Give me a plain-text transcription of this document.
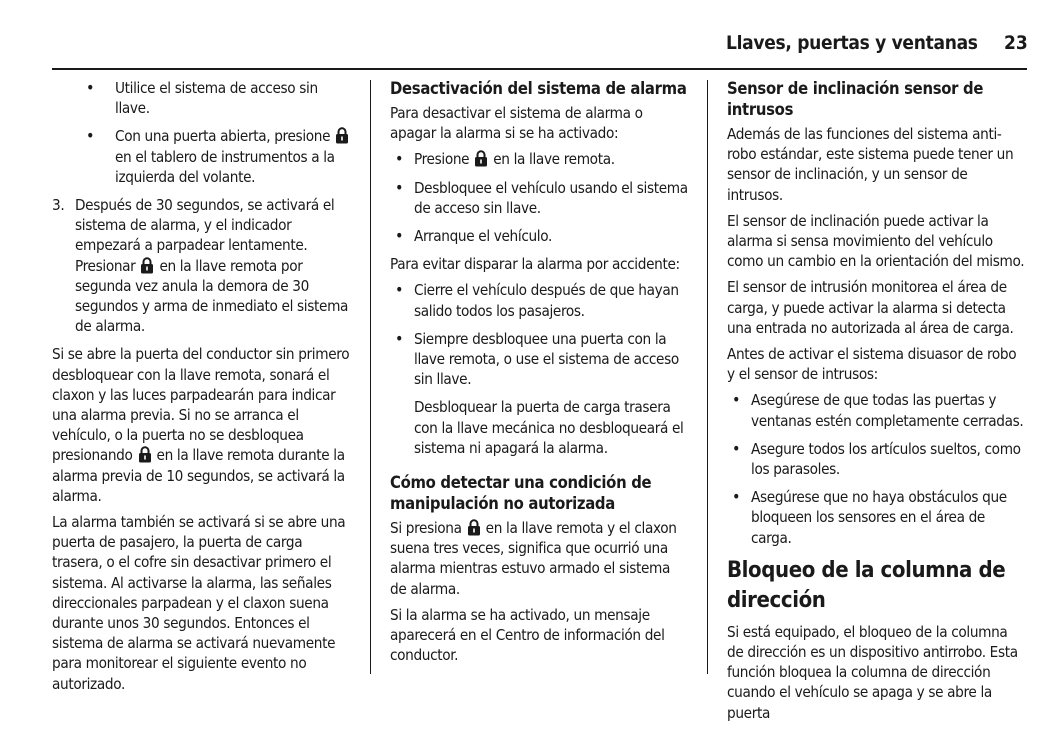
Llaves, puertas y ventanas 23
• Utilice el sistema de acceso sin llave.
• Con una puerta abierta, presione
en el tablero de instrumentos a la izquierda del volante.
3. Después de 30 segundos, se activará el sistema de alarma, y el indicador empezará a parpadear lentamente. Presionar en la llave remota por segunda vez anula la demora de 30 segundos y arma de inmediato el sistema de alarma.

Si se abre la puerta del conductor sin primero desbloquear con la llave remota, sonará el claxon y las luces parpadearán para indicar una alarma previa. Si no se arranca el vehículo, o la puerta no se desbloquea presionando en la llave remota durante la alarma previa de 10 segundos, se activará la alarma.

La alarma también se activará si se abre una puerta de pasajero, la puerta de carga trasera, o el cofre sin desactivar primero el sistema. Al activarse la alarma, las señales direccionales parpadean y el claxon suena durante unos 30 segundos. Entonces el sistema de alarma se activará nuevamente para monitorear el siguiente evento no autorizado.

Desactivación del sistema de alarma

Para desactivar el sistema de alarma o apagar la alarma si se ha activado:

• Presione en la llave remota.
• Desbloquee el vehículo usando el sistema de acceso sin llave.
• Arranque el vehículo.

Para evitar disparar la alarma por accidente:

• Cierre el vehículo después de que hayan salido todos los pasajeros.
• Siempre desbloquee una puerta con la llave remota, o use el sistema de acceso sin llave.

Desbloquear la puerta de carga trasera con la llave mecánica no desbloqueará el sistema ni apagará la alarma.

Cómo detectar una condición de manipulación no autorizada

Si presiona en la llave remota y el claxon suena tres veces, significa que ocurrió una alarma mientras estuvo armado el sistema de alarma.

Si la alarma se ha activado, un mensaje aparecerá en el Centro de información del conductor.

Sensor de inclinación sensor de intrusos

Además de las funciones del sistema anti-robo estándar, este sistema puede tener un sensor de inclinación, y un sensor de intrusos.

El sensor de inclinación puede activar la alarma si sensa movimiento del vehículo como un cambio en la orientación del mismo.

El sensor de intrusión monitorea el área de carga, y puede activar la alarma si detecta una entrada no autorizada al área de carga.

Antes de activar el sistema disuasor de robo y el sensor de intrusos:

• Asegúrese de que todas las puertas y ventanas estén completamente cerradas.
• Asegure todos los artículos sueltos, como los parasoles.
• Asegúrese que no haya obstáculos que bloqueen los sensores en el área de carga.
Bloqueo de la columna de dirección

Si está equipado, el bloqueo de la columna de dirección es un dispositivo antirrobo. Esta función bloquea la columna de dirección cuando el vehículo se apaga y se abre la puerta
